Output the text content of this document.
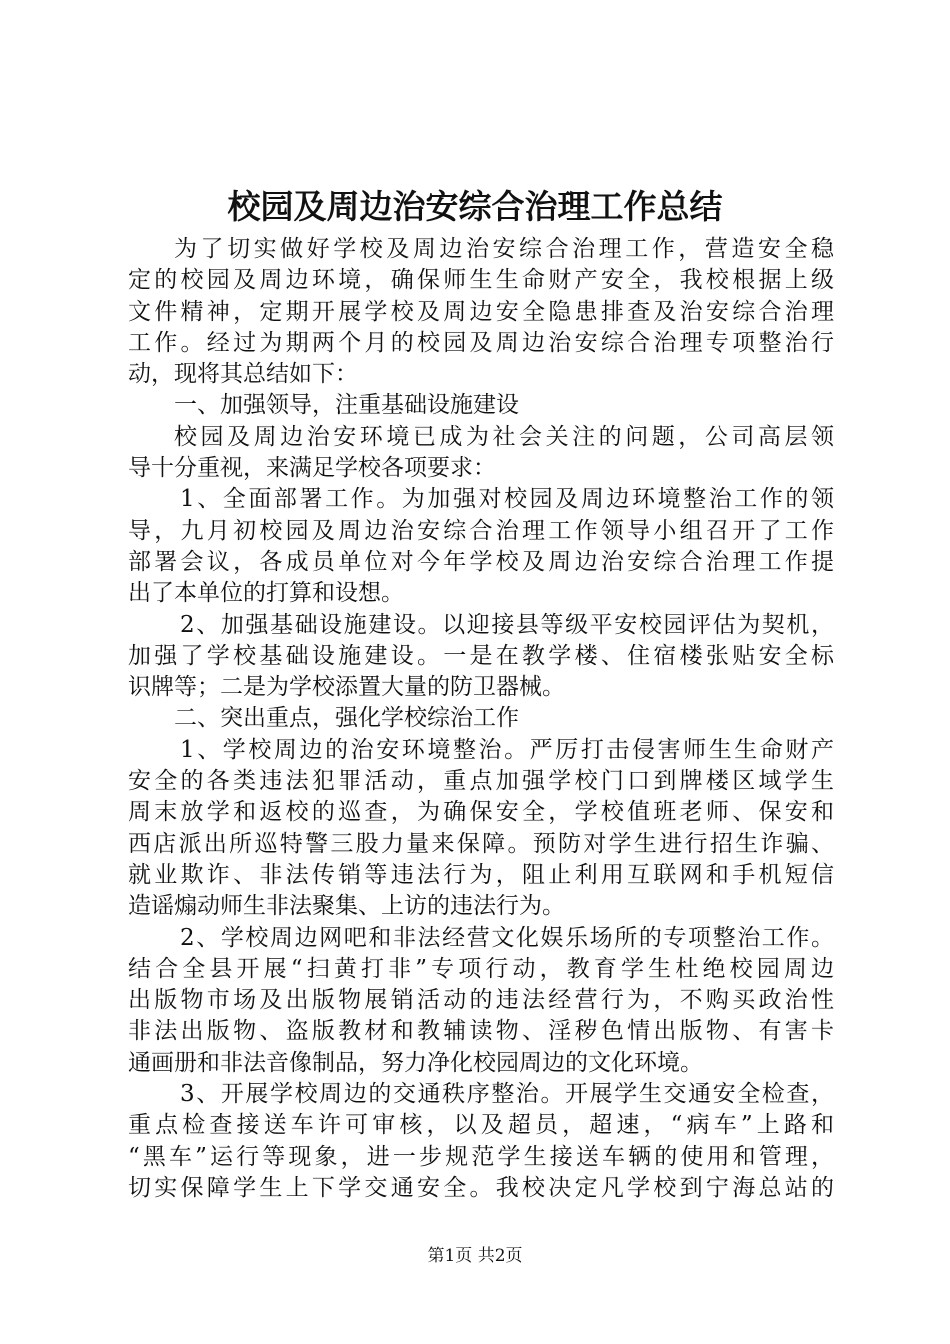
校园及周边治安综合治理工作总结
为了切实做好学校及周边治安综合治理工作，营造安全稳
定的校园及周边环境，确保师生生命财产安全，我校根据上级
文件精神，定期开展学校及周边安全隐患排查及治安综合治理
工作。经过为期两个月的校园及周边治安综合治理专项整治行
动，现将其总结如下：
一、加强领导，注重基础设施建设
校园及周边治安环境已成为社会关注的问题，公司高层领
导十分重视，来满足学校各项要求：
1、全面部署工作。为加强对校园及周边环境整治工作的领
导，九月初校园及周边治安综合治理工作领导小组召开了工作
部署会议，各成员单位对今年学校及周边治安综合治理工作提
出了本单位的打算和设想。
2、加强基础设施建设。以迎接县等级平安校园评估为契机，
加强了学校基础设施建设。一是在教学楼、住宿楼张贴安全标
识牌等；二是为学校添置大量的防卫器械。
二、突出重点，强化学校综治工作
1、学校周边的治安环境整治。严厉打击侵害师生生命财产
安全的各类违法犯罪活动，重点加强学校门口到牌楼区域学生
周末放学和返校的巡查，为确保安全，学校值班老师、保安和
西店派出所巡特警三股力量来保障。预防对学生进行招生诈骗、
就业欺诈、非法传销等违法行为，阻止利用互联网和手机短信
造谣煽动师生非法聚集、上访的违法行为。
2、学校周边网吧和非法经营文化娱乐场所的专项整治工作。
结合全县开展“扫黄打非”专项行动，教育学生杜绝校园周边
出版物市场及出版物展销活动的违法经营行为，不购买政治性
非法出版物、盗版教材和教辅读物、淫秽色情出版物、有害卡
通画册和非法音像制品，努力净化校园周边的文化环境。
3、开展学校周边的交通秩序整治。开展学生交通安全检查，
重点检查接送车许可审核，以及超员，超速，“病车”上路和
“黑车”运行等现象，进一步规范学生接送车辆的使用和管理，
切实保障学生上下学交通安全。我校决定凡学校到宁海总站的
第1页 共2页
